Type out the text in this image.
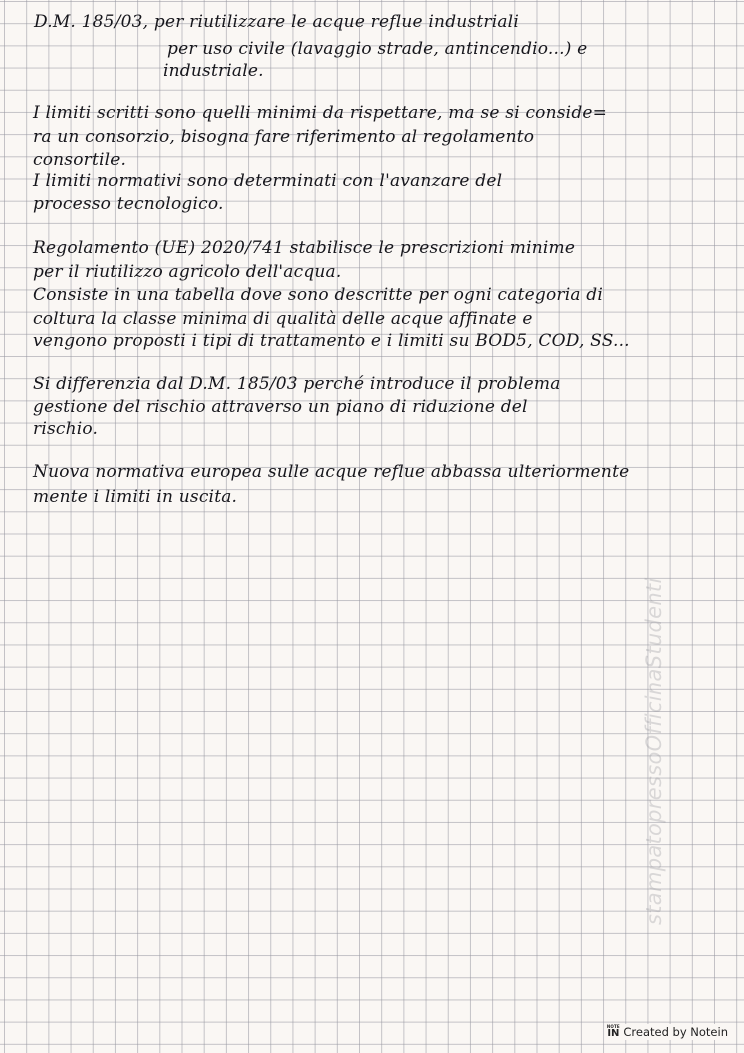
D.M. 185/03, per riutilizzare le acque reflue industriali
per uso civile (lavaggio strade, antincendio...) e
industriale.
I limiti scritti sono quelli minimi da rispettare, ma se si conside=
ra un consorzio, bisogna fare riferimento al regolamento
consortile.
I limiti normativi sono determinati con l'avanzare del
processo tecnologico.
Regolamento (UE) 2020/741 stabilisce le prescrizioni minime
per il riutilizzo agricolo dell'acqua.
Consiste in una tabella dove sono descritte per ogni categoria di
coltura la classe minima di qualità delle acque affinate e
vengono proposti i tipi di trattamento e i limiti su BOD5, COD, SS...
Si differenzia dal D.M. 185/03 perché introduce il problema
gestione del rischio attraverso un piano di riduzione del
rischio.
Nuova normativa europea sulle acque reflue abbassa ulteriormente
mente i limiti in uscita.
stampatopressoOfficinaStudenti
NOTE
IN Created by Notein
